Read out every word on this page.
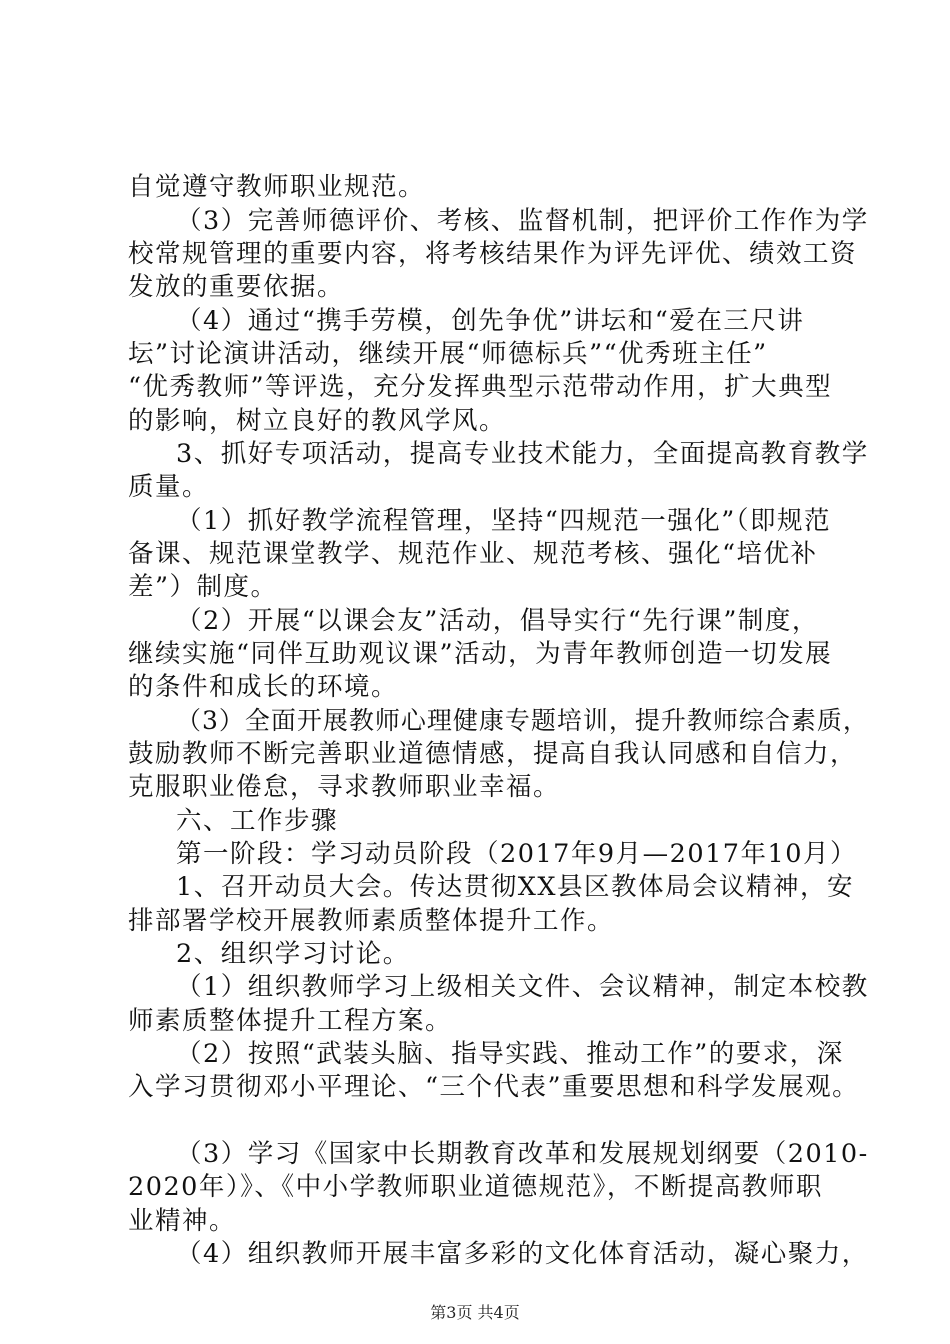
自觉遵守教师职业规范。
（3）完善师德评价、考核、监督机制，把评价工作作为学
校常规管理的重要内容，将考核结果作为评先评优、绩效工资
发放的重要依据。
（4）通过“携手劳模，创先争优”讲坛和“爱在三尺讲
坛”讨论演讲活动，继续开展“师德标兵”“优秀班主任”
“优秀教师”等评选，充分发挥典型示范带动作用，扩大典型
的影响，树立良好的教风学风。
3、抓好专项活动，提高专业技术能力，全面提高教育教学
质量。
（1）抓好教学流程管理，坚持“四规范一强化”（即规范
备课、规范课堂教学、规范作业、规范考核、强化“培优补
差”）制度。
（2）开展“以课会友”活动，倡导实行“先行课”制度，
继续实施“同伴互助观议课”活动，为青年教师创造一切发展
的条件和成长的环境。
（3）全面开展教师心理健康专题培训，提升教师综合素质，
鼓励教师不断完善职业道德情感，提高自我认同感和自信力，
克服职业倦怠，寻求教师职业幸福。
六、工作步骤
第一阶段：学习动员阶段（2017年9月—2017年10月）
1、召开动员大会。传达贯彻XX县区教体局会议精神，安
排部署学校开展教师素质整体提升工作。
2、组织学习讨论。
（1）组织教师学习上级相关文件、会议精神，制定本校教
师素质整体提升工程方案。
（2）按照“武装头脑、指导实践、推动工作”的要求，深
入学习贯彻邓小平理论、“三个代表”重要思想和科学发展观。
（3）学习《国家中长期教育改革和发展规划纲要（2010-
2020年）》、《中小学教师职业道德规范》，不断提高教师职
业精神。
（4）组织教师开展丰富多彩的文化体育活动，凝心聚力，
第3页 共4页
